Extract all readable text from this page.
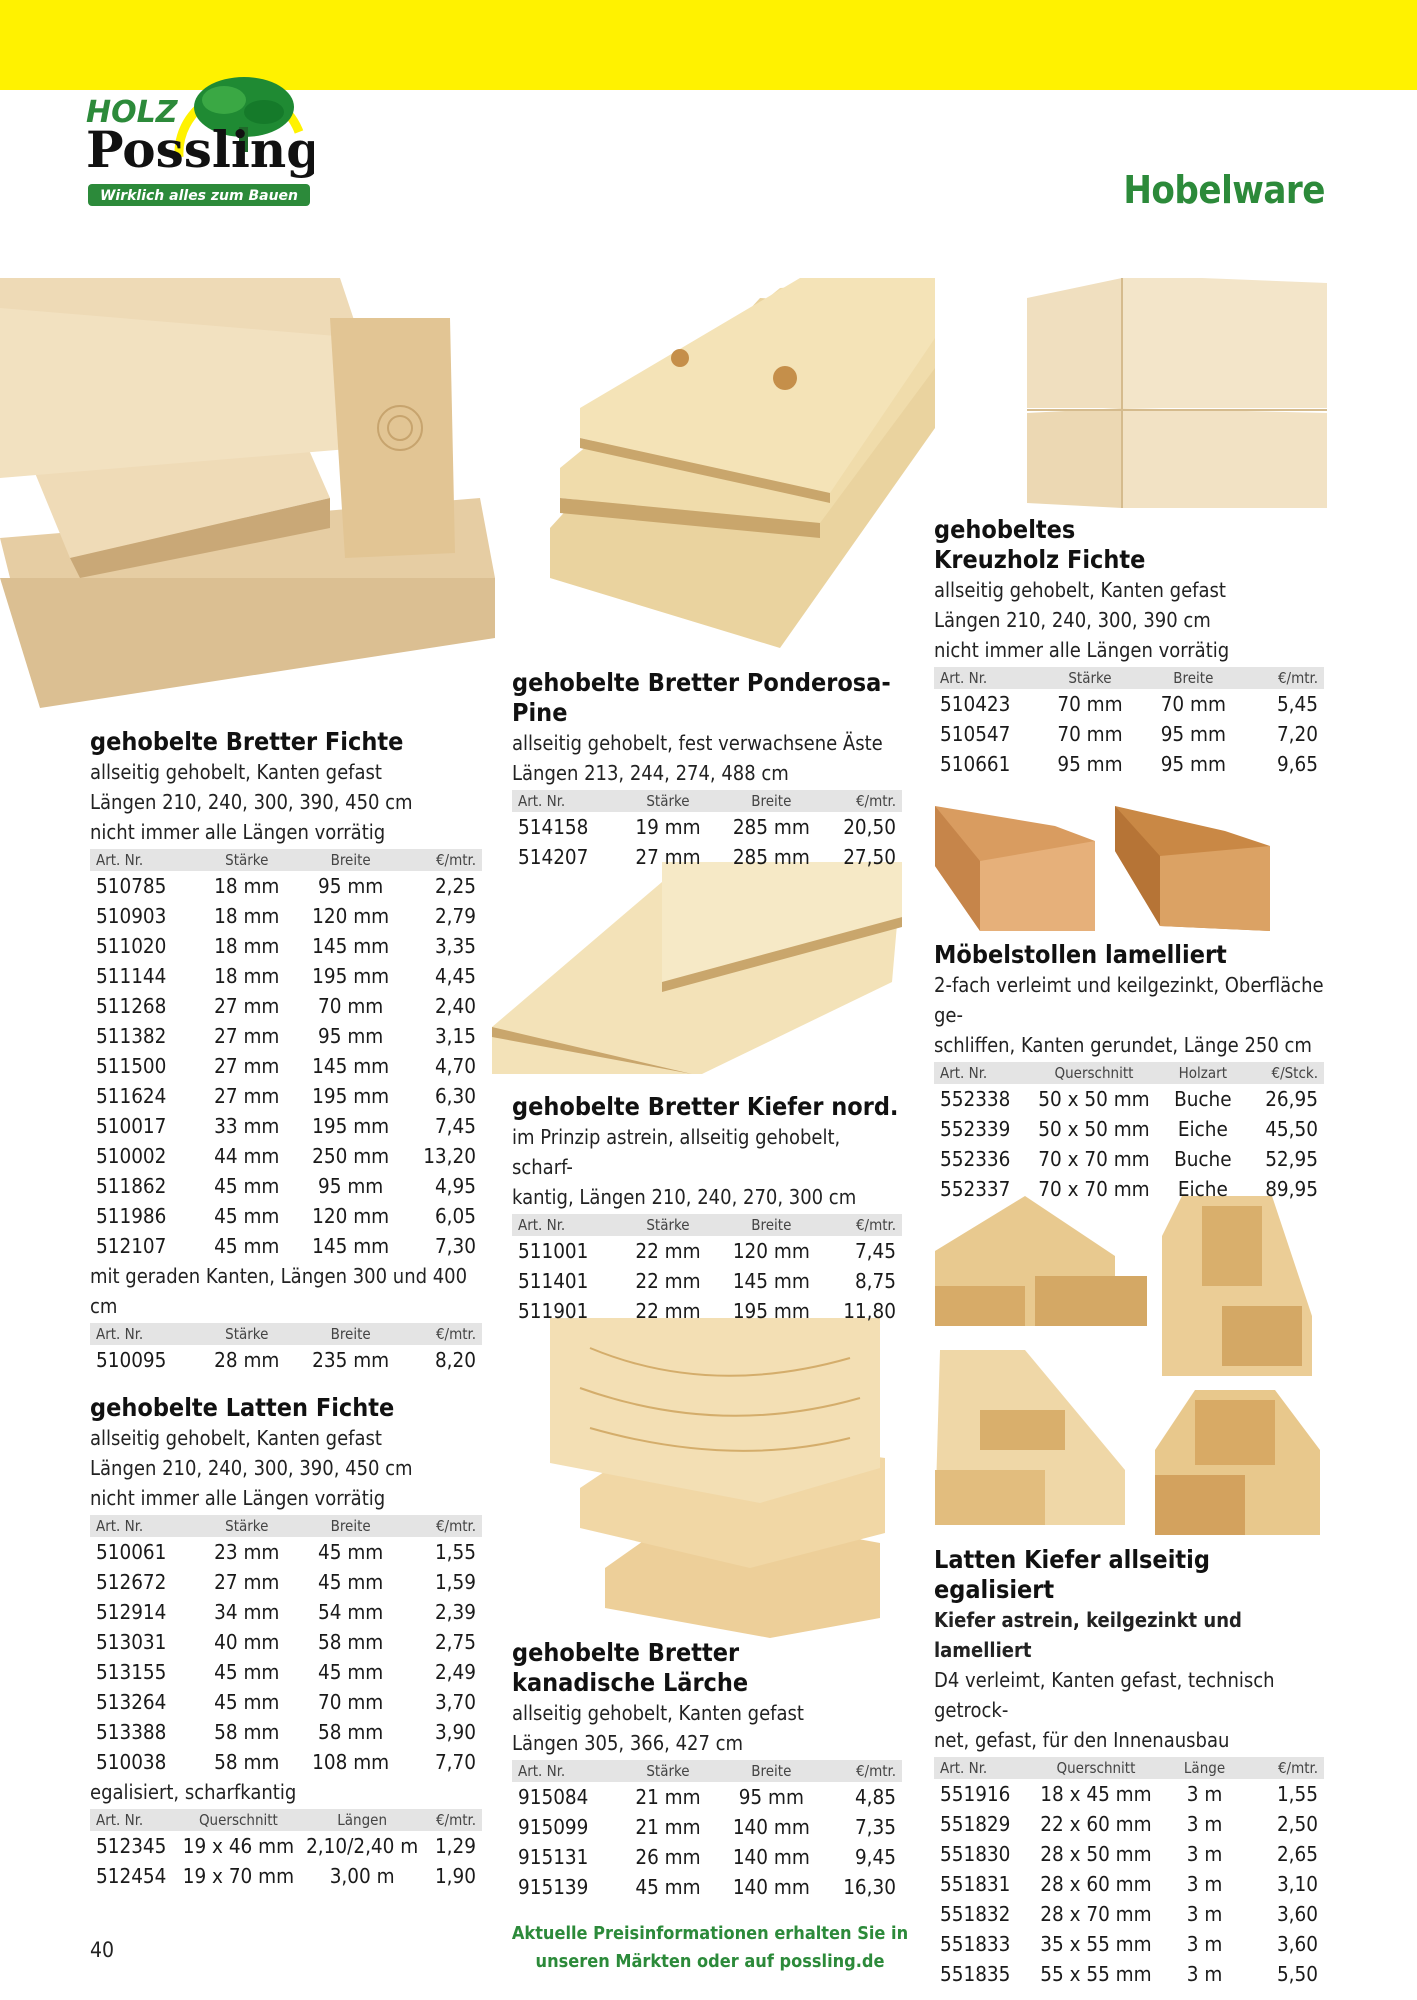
HOLZ
Possling
Wirklich alles zum Bauen	Hobelware
gehobelte Bretter Fichte

allseitig gehobelt, Kanten gefast

Längen 210, 240, 300, 390, 450 cm

nicht immer alle Längen vorrätig

Art. Nr.	Stärke	Breite	€/mtr.
510785	18 mm	95 mm	2,25
510903	18 mm	120 mm	2,79
511020	18 mm	145 mm	3,35
511144	18 mm	195 mm	4,45
511268	27 mm	70 mm	2,40
511382	27 mm	95 mm	3,15
511500	27 mm	145 mm	4,70
511624	27 mm	195 mm	6,30
510017	33 mm	195 mm	7,45
510002	44 mm	250 mm	13,20
511862	45 mm	95 mm	4,95
511986	45 mm	120 mm	6,05
512107	45 mm	145 mm	7,30

mit geraden Kanten, Längen 300 und 400 cm

Art. Nr.	Stärke	Breite	€/mtr.
510095	28 mm	235 mm	8,20
gehobelte Latten Fichte

allseitig gehobelt, Kanten gefast

Längen 210, 240, 300, 390, 450 cm

nicht immer alle Längen vorrätig

Art. Nr.	Stärke	Breite	€/mtr.
510061	23 mm	45 mm	1,55
512672	27 mm	45 mm	1,59
512914	34 mm	54 mm	2,39
513031	40 mm	58 mm	2,75
513155	45 mm	45 mm	2,49
513264	45 mm	70 mm	3,70
513388	58 mm	58 mm	3,90
510038	58 mm	108 mm	7,70

egalisiert, scharfkantig

Art. Nr.	Querschnitt	Längen	€/mtr.
512345	19 x 46 mm	2,10/2,40 m	1,29
512454	19 x 70 mm	3,00 m	1,90
gehobelte Bretter Ponderosa-Pine

allseitig gehobelt, fest verwachsene Äste

Längen 213, 244, 274, 488 cm

Art. Nr.	Stärke	Breite	€/mtr.
514158	19 mm	285 mm	20,50
514207	27 mm	285 mm	27,50
gehobelte Bretter Kiefer nord.

im Prinzip astrein, allseitig gehobelt, scharf-

kantig, Längen 210, 240, 270, 300 cm

Art. Nr.	Stärke	Breite	€/mtr.
511001	22 mm	120 mm	7,45
511401	22 mm	145 mm	8,75
511901	22 mm	195 mm	11,80
gehobelte Bretter
kanadische Lärche

allseitig gehobelt, Kanten gefast

Längen 305, 366, 427 cm

Art. Nr.	Stärke	Breite	€/mtr.
915084	21 mm	95 mm	4,85
915099	21 mm	140 mm	7,35
915131	26 mm	140 mm	9,45
915139	45 mm	140 mm	16,30
gehobeltes
Kreuzholz Fichte

allseitig gehobelt, Kanten gefast

Längen 210, 240, 300, 390 cm

nicht immer alle Längen vorrätig

Art. Nr.	Stärke	Breite	€/mtr.
510423	70 mm	70 mm	5,45
510547	70 mm	95 mm	7,20
510661	95 mm	95 mm	9,65
Möbelstollen lamelliert

2-fach verleimt und keilgezinkt, Oberfläche ge-

schliffen, Kanten gerundet, Länge 250 cm

Art. Nr.	Querschnitt	Holzart	€/Stck.
552338	50 x 50 mm	Buche	26,95
552339	50 x 50 mm	Eiche	45,50
552336	70 x 70 mm	Buche	52,95
552337	70 x 70 mm	Eiche	89,95
Latten Kiefer allseitig egalisiert

Kiefer astrein, keilgezinkt und lamelliert

D4 verleimt, Kanten gefast, technisch getrock-

net, gefast, für den Innenausbau

Art. Nr.	Querschnitt	Länge	€/mtr.
551916	18 x 45 mm	3 m	1,55
551829	22 x 60 mm	3 m	2,50
551830	28 x 50 mm	3 m	2,65
551831	28 x 60 mm	3 m	3,10
551832	28 x 70 mm	3 m	3,60
551833	35 x 55 mm	3 m	3,60
551835	55 x 55 mm	3 m	5,50
Aktuelle Preisinformationen erhalten Sie in
unseren Märkten oder auf possling.de
40
